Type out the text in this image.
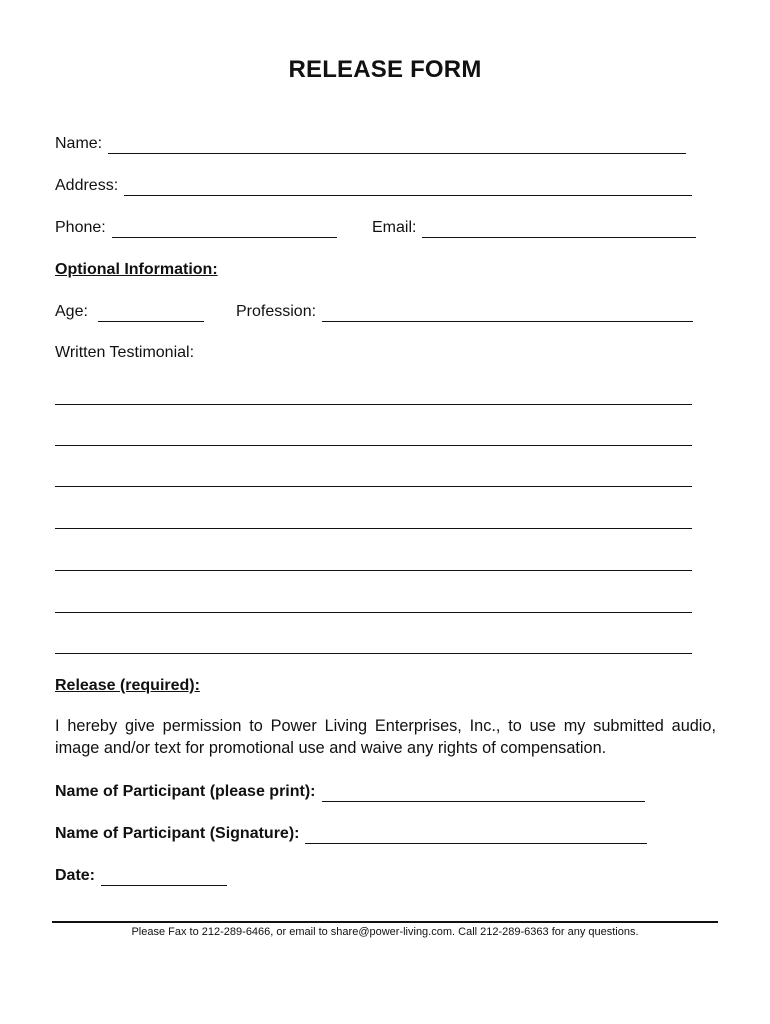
RELEASE FORM
Name:
Address:
Phone:	Email:
Optional Information:
Age:	Profession:
Written Testimonial:
Release (required):
I hereby give permission to Power Living Enterprises, Inc., to use my submitted audio, image and/or text for promotional use and waive any rights of compensation.
Name of Participant (please print):
Name of Participant (Signature):
Date:
Please Fax to 212-289-6466, or email to share@power-living.com. Call 212-289-6363 for any questions.
